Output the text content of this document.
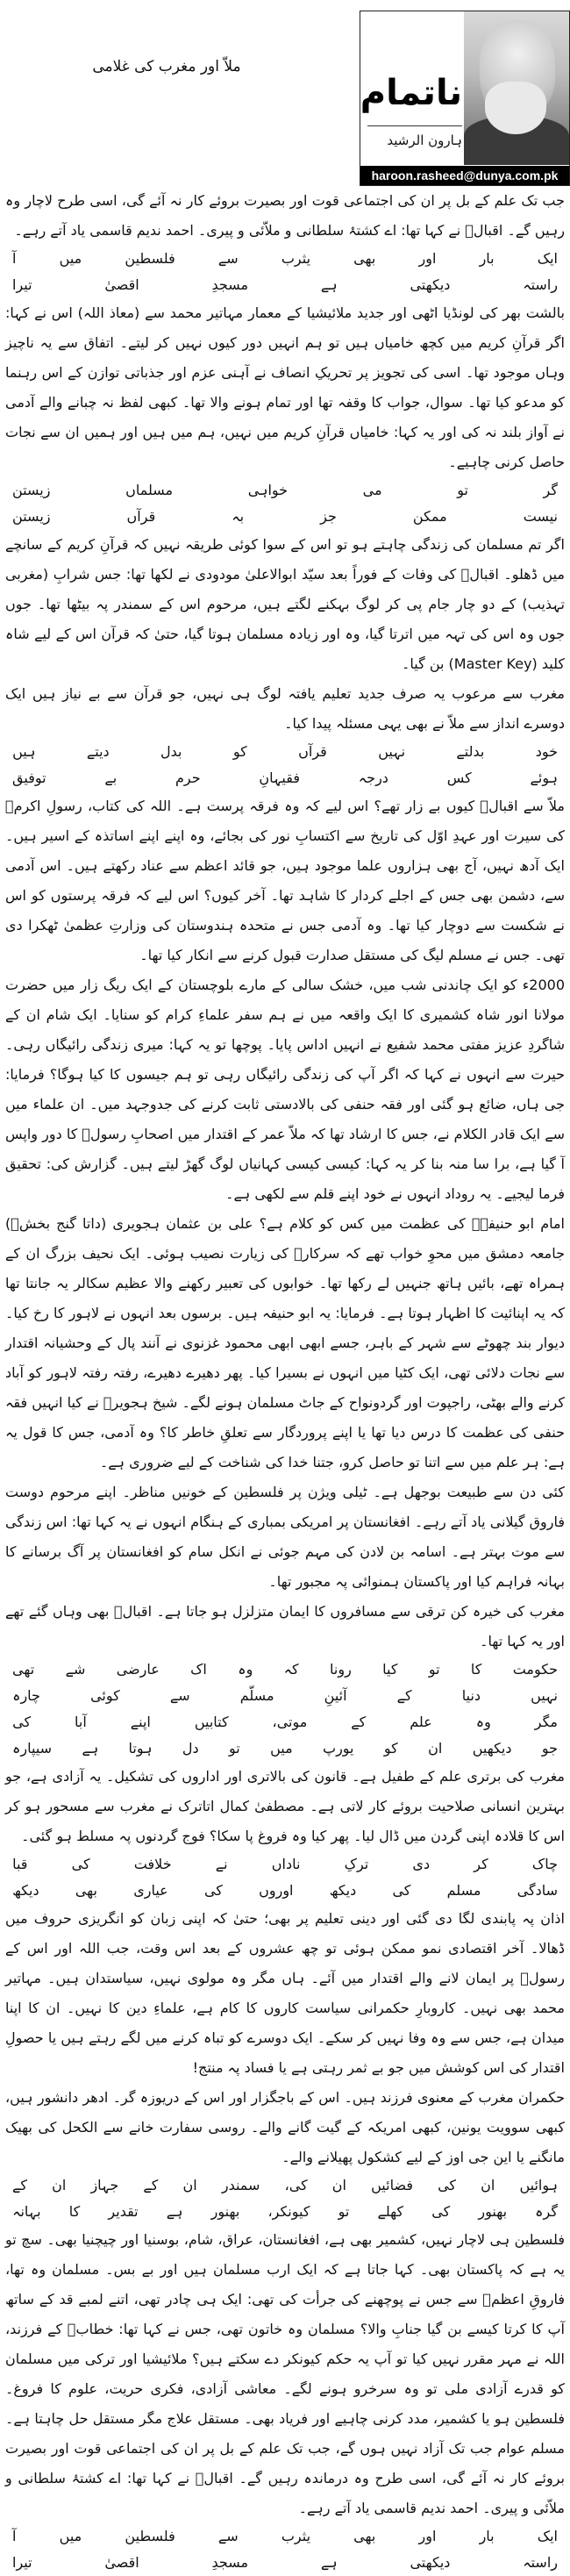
ملاّ اور مغرب کی غلامی
ناتمام
ہارون الرشید
haroon.rasheed@dunya.com.pk

جب تک علم کے بل پر ان کی اجتماعی قوت اور بصیرت بروئے کار نہ آئے گی، اسی طرح لاچار وہ رہیں گے۔ اقبالؔ نے کہا تھا: اے کشتۂ سلطانی و ملاّئی و پیری۔ احمد ندیم قاسمی یاد آتے رہے۔

ایک
بار
اور
بھی
یثرب
سے
فلسطین
میں
آ
راستہ
دیکھتی
ہے
مسجدِ
اقصیٰ
تیرا

بالشت بھر کی لونڈیا اٹھی اور جدید ملائیشیا کے معمار مہاتیر محمد سے (معاذ اللہ) اس نے کہا: اگر قرآنِ کریم میں کچھ خامیاں ہیں تو ہم انہیں دور کیوں نہیں کر لیتے۔ اتفاق سے یہ ناچیز وہاں موجود تھا۔ اسی کی تجویز پر تحریکِ انصاف نے آہنی عزم اور جذباتی توازن کے اس رہنما کو مدعو کیا تھا۔ سوال، جواب کا وقفہ تھا اور تمام ہونے والا تھا۔ کبھی لفظ نہ چبانے والے آدمی نے آواز بلند نہ کی اور یہ کہا: خامیاں قرآنِ کریم میں نہیں، ہم میں ہیں اور ہمیں ان سے نجات حاصل کرنی چاہیے۔

گر
تو
می
خواہی
مسلماں
زیستن
نیست
ممکن
جز
بہ
قرآں
زیستن

اگر تم مسلمان کی زندگی چاہتے ہو تو اس کے سوا کوئی طریقہ نہیں کہ قرآنِ کریم کے سانچے میں ڈھلو۔ اقبالؔ کی وفات کے فوراً بعد سیّد ابوالاعلیٰ مودودی نے لکھا تھا: جس شرابِ (مغربی تہذیب) کے دو چار جام پی کر لوگ بہکنے لگتے ہیں، مرحوم اس کے سمندر پہ بیٹھا تھا۔ جوں جوں وہ اس کی تہہ میں اترتا گیا، وہ اور زیادہ مسلمان ہوتا گیا، حتیٰ کہ قرآن اس کے لیے شاہ کلید (Master Key) بن گیا۔

مغرب سے مرعوب یہ صرف جدید تعلیم یافتہ لوگ ہی نہیں، جو قرآن سے بے نیاز ہیں ایک دوسرے انداز سے ملاّ نے بھی یہی مسئلہ پیدا کیا۔

خود
بدلتے
نہیں
قرآں
کو
بدل
دیتے
ہیں
ہوئے
کس
درجہ
فقیہانِ
حرم
بے
توفیق

ملاّ سے اقبالؔ کیوں بے زار تھے؟ اس لیے کہ وہ فرقہ پرست ہے۔ اللہ کی کتاب، رسولِ اکرمؐ کی سیرت اور عہدِ اوّل کی تاریخ سے اکتسابِ نور کی بجائے، وہ اپنے اپنے اساتذہ کے اسیر ہیں۔ ایک آدھ نہیں، آج بھی ہزاروں علما موجود ہیں، جو قائد اعظم سے عناد رکھتے ہیں۔ اس آدمی سے، دشمن بھی جس کے اجلے کردار کا شاہد تھا۔ آخر کیوں؟ اس لیے کہ فرقہ پرستوں کو اس نے شکست سے دوچار کیا تھا۔ وہ آدمی جس نے متحدہ ہندوستان کی وزارتِ عظمیٰ ٹھکرا دی تھی۔ جس نے مسلم لیگ کی مستقل صدارت قبول کرنے سے انکار کیا تھا۔

2000ء کو ایک چاندنی شب میں، خشک سالی کے مارے بلوچستان کے ایک ریگ زار میں حضرت مولانا انور شاہ کشمیری کا ایک واقعہ میں نے ہم سفر علماءِ کرام کو سنایا۔ ایک شام ان کے شاگردِ عزیز مفتی محمد شفیع نے انہیں اداس پایا۔ پوچھا تو یہ کہا: میری زندگی رائیگاں رہی۔ حیرت سے انہوں نے کہا کہ اگر آپ کی زندگی رائیگاں رہی تو ہم جیسوں کا کیا ہوگا؟ فرمایا: جی ہاں، ضائع ہو گئی اور فقہ حنفی کی بالادستی ثابت کرنے کی جدوجہد میں۔ ان علماء میں سے ایک قادر الکلام نے، جس کا ارشاد تھا کہ ملاّ عمر کے اقتدار میں اصحابِ رسولؐ کا دور واپس آ گیا ہے، برا سا منہ بنا کر یہ کہا: کیسی کیسی کہانیاں لوگ گھڑ لیتے ہیں۔ گزارش کی: تحقیق فرما لیجیے۔ یہ روداد انہوں نے خود اپنے قلم سے لکھی ہے۔

امام ابو حنیفہؒ کی عظمت میں کس کو کلام ہے؟ علی بن عثمان ہجویری (داتا گنج بخشؒ) جامعہ دمشق میں محوِ خواب تھے کہ سرکارؐ کی زیارت نصیب ہوئی۔ ایک نحیف بزرگ ان کے ہمراہ تھے، بائیں ہاتھ جنہیں لے رکھا تھا۔ خوابوں کی تعبیر رکھنے والا عظیم سکالر یہ جانتا تھا کہ یہ اپنائیت کا اظہار ہوتا ہے۔ فرمایا: یہ ابو حنیفہ ہیں۔ برسوں بعد انہوں نے لاہور کا رخ کیا۔ دیوار بند چھوٹے سے شہر کے باہر، جسے ابھی ابھی محمود غزنوی نے آنند پال کے وحشیانہ اقتدار سے نجات دلائی تھی، ایک کٹیا میں انہوں نے بسیرا کیا۔ پھر دھیرے دھیرے، رفتہ رفتہ لاہور کو آباد کرنے والے بھٹی، راجپوت اور گردونواح کے جاٹ مسلمان ہونے لگے۔ شیخ ہجویرؒ نے کیا انہیں فقہ حنفی کی عظمت کا درس دیا تھا یا اپنے پروردگار سے تعلقِ خاطر کا؟ وہ آدمی، جس کا قول یہ ہے: ہر علم میں سے اتنا تو حاصل کرو، جتنا خدا کی شناخت کے لیے ضروری ہے۔

کئی دن سے طبیعت بوجھل ہے۔ ٹیلی ویژن پر فلسطین کے خونیں مناظر۔ اپنے مرحوم دوست فاروق گیلانی یاد آتے رہے۔ افغانستان پر امریکی بمباری کے ہنگام انہوں نے یہ کہا تھا: اس زندگی سے موت بہتر ہے۔ اسامہ بن لادن کی مہم جوئی نے انکل سام کو افغانستان پر آگ برسانے کا بہانہ فراہم کیا اور پاکستان ہمنوائی پہ مجبور تھا۔

مغرب کی خیرہ کن ترقی سے مسافروں کا ایمان متزلزل ہو جاتا ہے۔ اقبالؔ بھی وہاں گئے تھے اور یہ کہا تھا۔

حکومت
کا
تو
کیا
رونا
کہ
وہ
اک
عارضی
شے
تھی
نہیں
دنیا
کے
آئینِ
مسلّم
سے
کوئی
چارہ
مگر
وہ
علم
کے
موتی،
کتابیں
اپنے
آبا
کی
جو
دیکھیں
ان
کو
یورپ
میں
تو
دل
ہوتا
ہے
سیپارہ

مغرب کی برتری علم کے طفیل ہے۔ قانون کی بالاتری اور اداروں کی تشکیل۔ یہ آزادی ہے، جو بہترین انسانی صلاحیت بروئے کار لاتی ہے۔ مصطفیٰ کمال اتاترک نے مغرب سے مسحور ہو کر اس کا قلادہ اپنی گردن میں ڈال لیا۔ پھر کیا وہ فروغ پا سکا؟ فوج گردنوں پہ مسلط ہو گئی۔

چاک
کر
دی
ترکِ
ناداں
نے
خلافت
کی
قبا
سادگی
مسلم
کی
دیکھ
اوروں
کی
عیاری
بھی
دیکھ

اذان پہ پابندی لگا دی گئی اور دینی تعلیم پر بھی؛ حتیٰ کہ اپنی زبان کو انگریزی حروف میں ڈھالا۔ آخر اقتصادی نمو ممکن ہوئی تو چھ عشروں کے بعد اس وقت، جب اللہ اور اس کے رسولؐ پر ایمان لانے والے اقتدار میں آئے۔ ہاں مگر وہ مولوی نہیں، سیاستدان ہیں۔ مہاتیر محمد بھی نہیں۔ کاروبارِ حکمرانی سیاست کاروں کا کام ہے، علماءِ دین کا نہیں۔ ان کا اپنا میدان ہے، جس سے وہ وفا نہیں کر سکے۔ ایک دوسرے کو تباہ کرنے میں لگے رہتے ہیں یا حصولِ اقتدار کی اس کوشش میں جو بے ثمر رہتی ہے یا فساد پہ منتج!

حکمران مغرب کے معنوی فرزند ہیں۔ اس کے باجگزار اور اس کے دریوزہ گر۔ ادھر دانشور ہیں، کبھی سوویت یونین، کبھی امریکہ کے گیت گانے والے۔ روسی سفارت خانے سے الکحل کی بھیک مانگنے یا این جی اوز کے لیے کشکول پھیلانے والے۔

ہوائیں
ان
کی
فضائیں
ان
کی،
سمندر
ان
کے
جہاز
ان
کے
گرہ
بھنور
کی
کھلے
تو
کیونکر،
بھنور
ہے
تقدیر
کا
بہانہ

فلسطین ہی لاچار نہیں، کشمیر بھی ہے، افغانستان، عراق، شام، بوسنیا اور چیچنیا بھی۔ سچ تو یہ ہے کہ پاکستان بھی۔ کہا جاتا ہے کہ ایک ارب مسلمان ہیں اور بے بس۔ مسلمان وہ تھا، فاروقِ اعظمؓ سے جس نے پوچھنے کی جرأت کی تھی: ایک ہی چادر تھی، اتنے لمبے قد کے ساتھ آپ کا کرتا کیسے بن گیا جنابِ والا؟ مسلمان وہ خاتون تھی، جس نے کہا تھا: خطابؓ کے فرزند، اللہ نے مہر مقرر نہیں کیا تو آپ یہ حکم کیونکر دے سکتے ہیں؟ ملائیشیا اور ترکی میں مسلمان کو قدرے آزادی ملی تو وہ سرخرو ہونے لگے۔ معاشی آزادی، فکری حریت، علوم کا فروغ۔ فلسطین ہو یا کشمیر، مدد کرنی چاہیے اور فریاد بھی۔ مستقل علاج مگر مستقل حل چاہتا ہے۔ مسلم عوام جب تک آزاد نہیں ہوں گے، جب تک علم کے بل پر ان کی اجتماعی قوت اور بصیرت بروئے کار نہ آئے گی، اسی طرح وہ درماندہ رہیں گے۔ اقبالؔ نے کہا تھا: اے کشتۂ سلطانی و ملاّئی و پیری۔ احمد ندیم قاسمی یاد آتے رہے۔

ایک
بار
اور
بھی
یثرب
سے
فلسطین
میں
آ
راستہ
دیکھتی
ہے
مسجدِ
اقصیٰ
تیرا
